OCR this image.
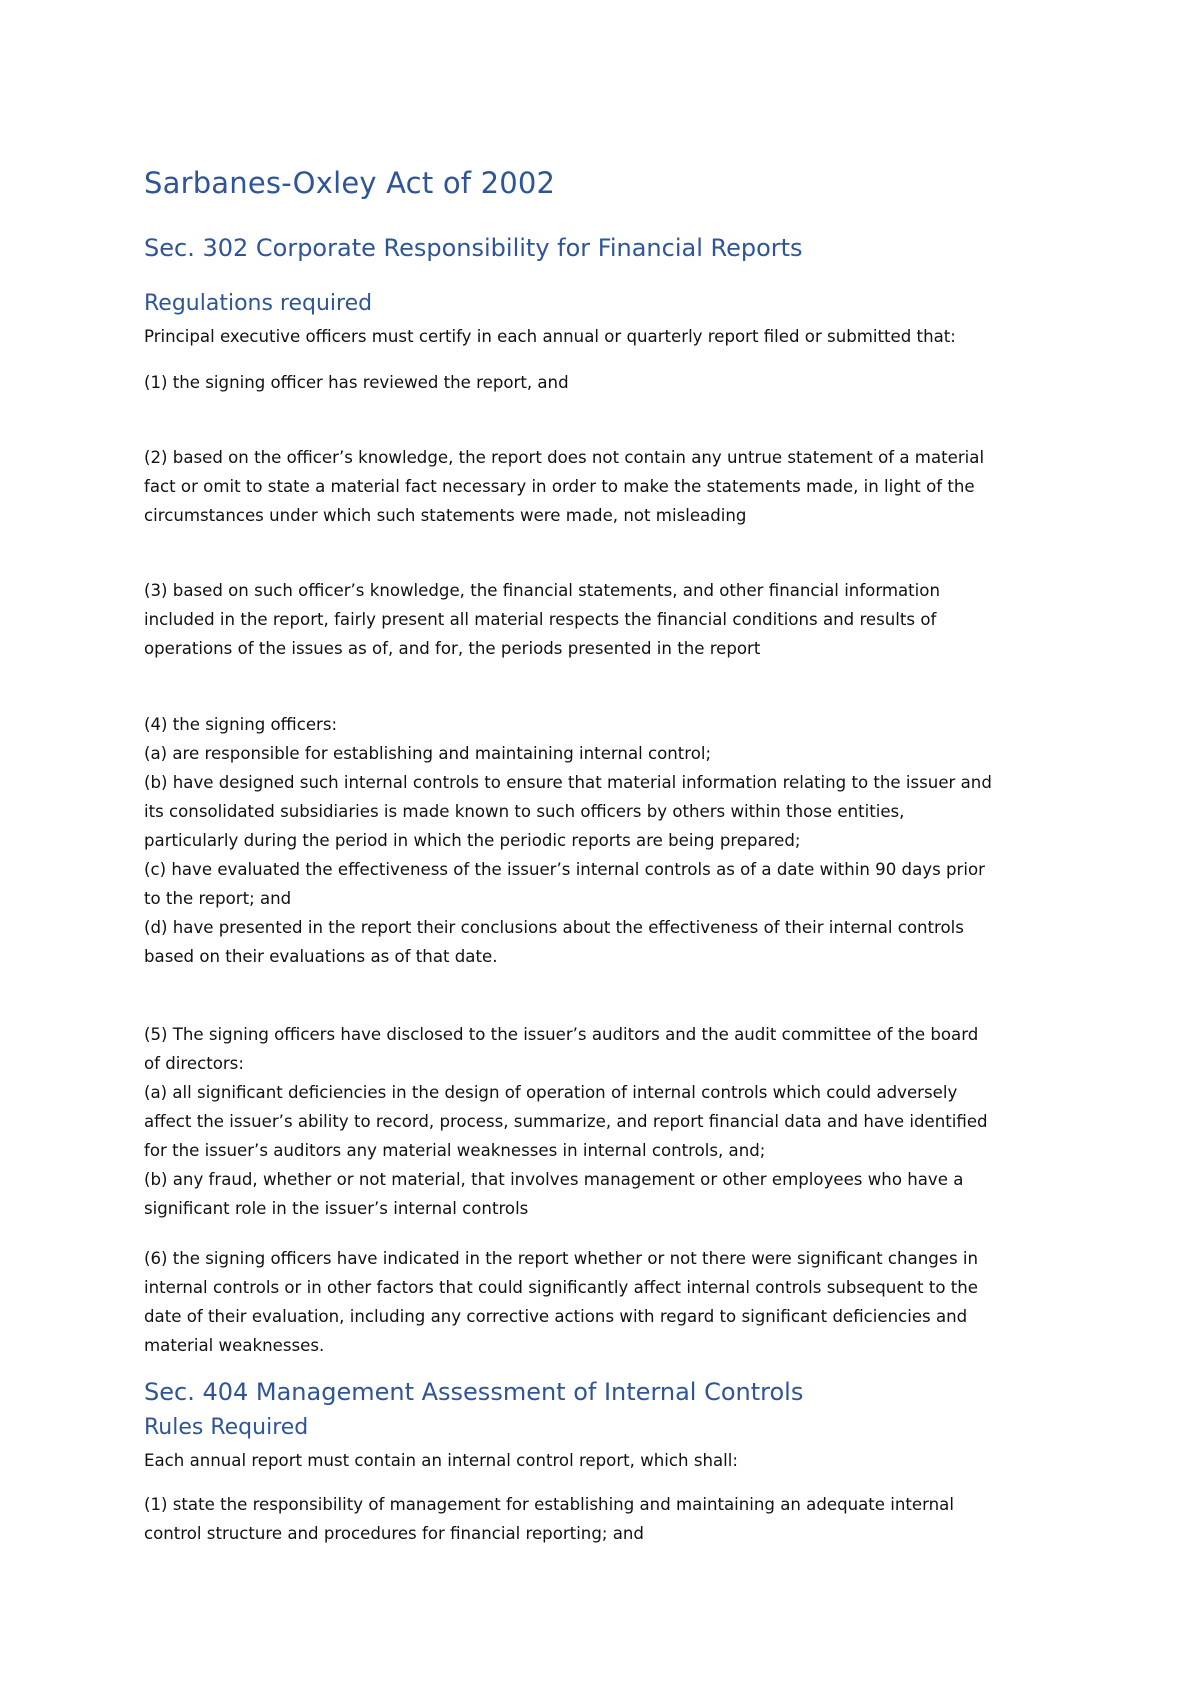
Sarbanes-Oxley Act of 2002
Sec. 302 Corporate Responsibility for Financial Reports
Regulations required

Principal executive officers must certify in each annual or quarterly report filed or submitted that:

(1) the signing officer has reviewed the report, and

(2) based on the officer’s knowledge, the report does not contain any untrue statement of a material
fact or omit to state a material fact necessary in order to make the statements made, in light of the
circumstances under which such statements were made, not misleading

(3) based on such officer’s knowledge, the financial statements, and other financial information
included in the report, fairly present all material respects the financial conditions and results of
operations of the issues as of, and for, the periods presented in the report

(4) the signing officers:
(a) are responsible for establishing and maintaining internal control;
(b) have designed such internal controls to ensure that material information relating to the issuer and
its consolidated subsidiaries is made known to such officers by others within those entities,
particularly during the period in which the periodic reports are being prepared;
(c) have evaluated the effectiveness of the issuer’s internal controls as of a date within 90 days prior
to the report; and
(d) have presented in the report their conclusions about the effectiveness of their internal controls
based on their evaluations as of that date.

(5) The signing officers have disclosed to the issuer’s auditors and the audit committee of the board
of directors:
(a) all significant deficiencies in the design of operation of internal controls which could adversely
affect the issuer’s ability to record, process, summarize, and report financial data and have identified
for the issuer’s auditors any material weaknesses in internal controls, and;
(b) any fraud, whether or not material, that involves management or other employees who have a
significant role in the issuer’s internal controls

(6) the signing officers have indicated in the report whether or not there were significant changes in
internal controls or in other factors that could significantly affect internal controls subsequent to the
date of their evaluation, including any corrective actions with regard to significant deficiencies and
material weaknesses.

Sec. 404 Management Assessment of Internal Controls
Rules Required

Each annual report must contain an internal control report, which shall:

(1) state the responsibility of management for establishing and maintaining an adequate internal
control structure and procedures for financial reporting; and
